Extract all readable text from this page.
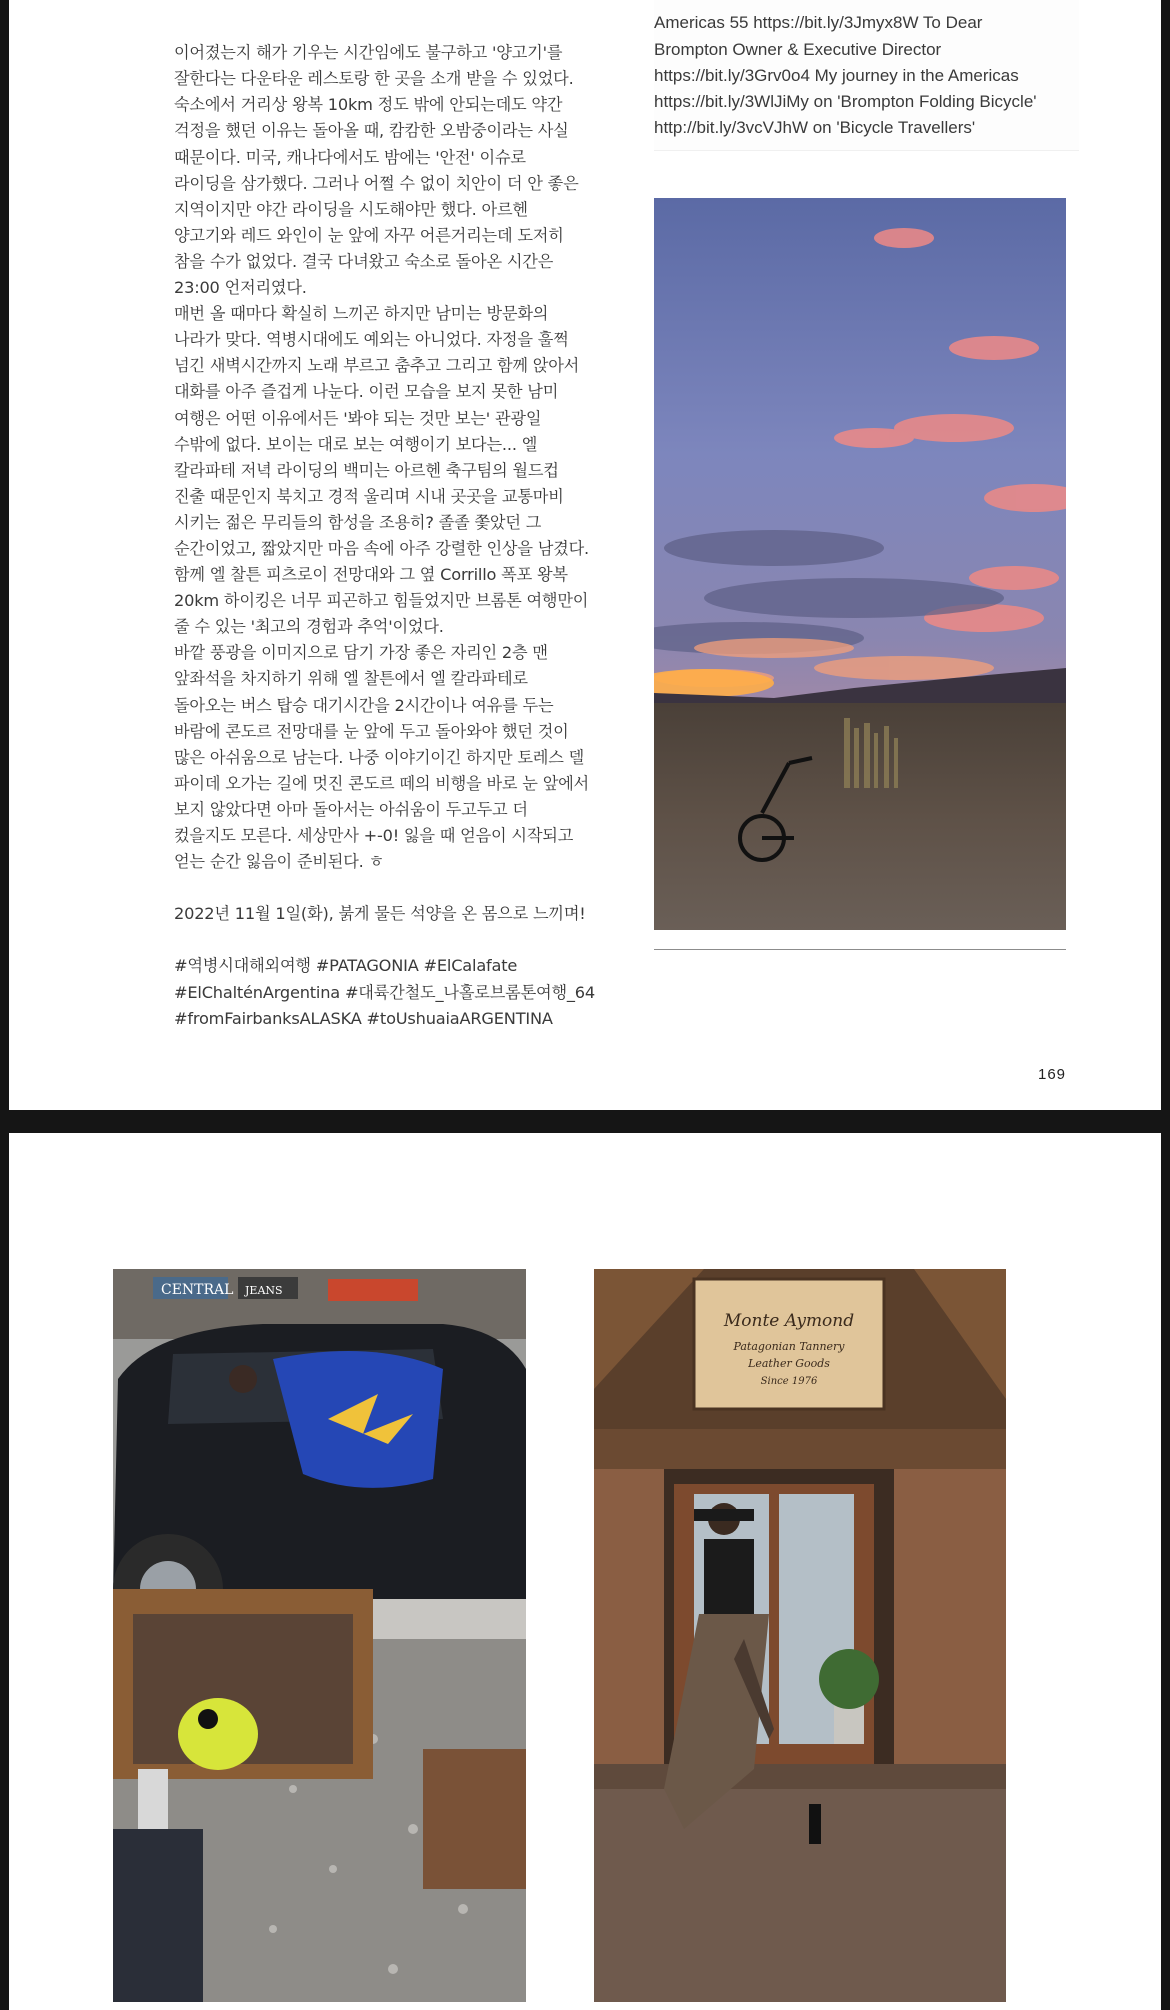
이어졌는지 해가 기우는 시간임에도 불구하고 '양고기'를
잘한다는 다운타운 레스토랑 한 곳을 소개 받을 수 있었다.
숙소에서 거리상 왕복 10km 정도 밖에 안되는데도 약간
걱정을 했던 이유는 돌아올 때, 캄캄한 오밤중이라는 사실
때문이다. 미국, 캐나다에서도 밤에는 '안전' 이슈로
라이딩을 삼가했다. 그러나 어쩔 수 없이 치안이 더 안 좋은
지역이지만 야간 라이딩을 시도해야만 했다. 아르헨
양고기와 레드 와인이 눈 앞에 자꾸 어른거리는데 도저히
참을 수가 없었다. 결국 다녀왔고 숙소로 돌아온 시간은
23:00 언저리였다.
매번 올 때마다 확실히 느끼곤 하지만 남미는 방문화의
나라가 맞다. 역병시대에도 예외는 아니었다. 자정을 훌쩍
넘긴 새벽시간까지 노래 부르고 춤추고 그리고 함께 앉아서
대화를 아주 즐겁게 나눈다. 이런 모습을 보지 못한 남미
여행은 어떤 이유에서든 '봐야 되는 것만 보는' 관광일
수밖에 없다. 보이는 대로 보는 여행이기 보다는... 엘
칼라파테 저녁 라이딩의 백미는 아르헨 축구팀의 월드컵
진출 때문인지 북치고 경적 울리며 시내 곳곳을 교통마비
시키는 젊은 무리들의 함성을 조용히? 졸졸 쫓았던 그
순간이었고, 짧았지만 마음 속에 아주 강렬한 인상을 남겼다.
함께 엘 찰튼 피츠로이 전망대와 그 옆 Corrillo 폭포 왕복
20km 하이킹은 너무 피곤하고 힘들었지만 브롬톤 여행만이
줄 수 있는 '최고의 경험과 추억'이었다.
바깥 풍광을 이미지으로 담기 가장 좋은 자리인 2층 맨
앞좌석을 차지하기 위해 엘 찰튼에서 엘 칼라파테로
돌아오는 버스 탑승 대기시간을 2시간이나 여유를 두는
바람에 콘도르 전망대를 눈 앞에 두고 돌아와야 했던 것이
많은 아쉬움으로 남는다. 나중 이야기이긴 하지만 토레스 델
파이데 오가는 길에 멋진 콘도르 떼의 비행을 바로 눈 앞에서
보지 않았다면 아마 돌아서는 아쉬움이 두고두고 더
컸을지도 모른다. 세상만사 +-0! 잃을 때 얻음이 시작되고
얻는 순간 잃음이 준비된다. ㅎ

2022년 11월 1일(화), 붉게 물든 석양을 온 몸으로 느끼며!

#역병시대해외여행 #PATAGONIA #ElCalafate
#ElChalténArgentina #대륙간철도_나홀로브롬톤여행_64
#fromFairbanksALASKA #toUshuaiaARGENTINA

Americas 55 https://bit.ly/3Jmyx8W To Dear
Brompton Owner & Executive Director
https://bit.ly/3Grv0o4 My journey in the Americas
https://bit.ly/3WlJiMy on 'Brompton Folding Bicycle'
http://bit.ly/3vcVJhW on 'Bicycle Travellers'
169
CENTRAL JEANS
Monte Aymond
Patagonian Tannery
Leather Goods
Since 1976
